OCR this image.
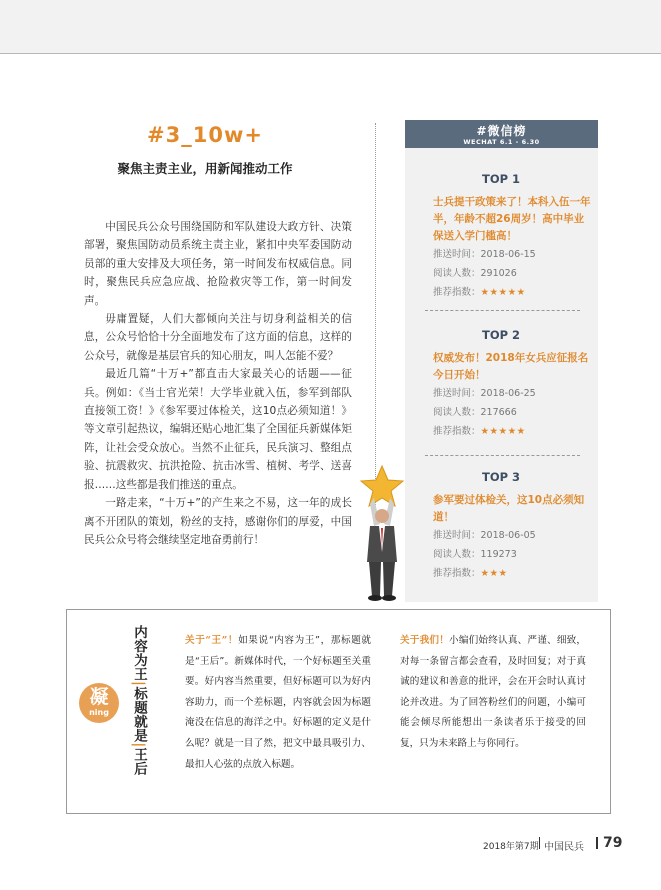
#3_10w+
聚焦主责主业，用新闻推动工作

中国民兵公众号围绕国防和军队建设大政方针、决策部署，聚焦国防动员系统主责主业，紧扣中央军委国防动员部的重大安排及大项任务，第一时间发布权威信息。同时，聚焦民兵应急应战、抢险救灾等工作，第一时间发声。

毋庸置疑，人们大都倾向关注与切身利益相关的信息，公众号恰恰十分全面地发布了这方面的信息，这样的公众号，就像是基层官兵的知心朋友，叫人怎能不爱？

最近几篇“十万+”都直击大家最关心的话题——征兵。例如：《当士官光荣！大学毕业就入伍，参军到部队直接领工资！》《参军要过体检关，这10点必须知道！》等文章引起热议，编辑还贴心地汇集了全国征兵新媒体矩阵，让社会受众放心。当然不止征兵，民兵演习、整组点验、抗震救灾、抗洪抢险、抗击冰雪、植树、考学、送喜报……这些都是我们推送的重点。

一路走来，“十万+”的产生来之不易，这一年的成长离不开团队的策划，粉丝的支持，感谢你们的厚爱，中国民兵公众号将会继续坚定地奋勇前行！

#微信榜
WECHAT 6.1 - 6.30
TOP 1
士兵提干政策来了！本科入伍一年半，年龄不超26周岁！高中毕业保送入学门槛高！
推送时间：2018-06-15
阅读人数：291026
推荐指数：★★★★★
TOP 2
权威发布！2018年女兵应征报名今日开始！
推送时间：2018-06-25
阅读人数：217666
推荐指数：★★★★★
TOP 3
参军要过体检关，这10点必须知道！
推送时间：2018-06-05
阅读人数：119273
推荐指数：★★★
凝
ning
内容为王|标题就是|王后
关于“王”！如果说“内容为王”，那标题就是“王后”。新媒体时代，一个好标题至关重要。好内容当然重要，但好标题可以为好内容助力，而一个差标题，内容就会因为标题淹没在信息的海洋之中。好标题的定义是什么呢？就是一目了然，把文中最具吸引力、最扣人心弦的点放入标题。
关于我们！小编们始终认真、严谨、细致，对每一条留言都会查看，及时回复；对于真诚的建议和善意的批评，会在开会时认真讨论并改进。为了回答粉丝们的问题，小编可能会倾尽所能想出一条读者乐于接受的回复，只为未来路上与你同行。
2018年第7期 中国民兵 79
